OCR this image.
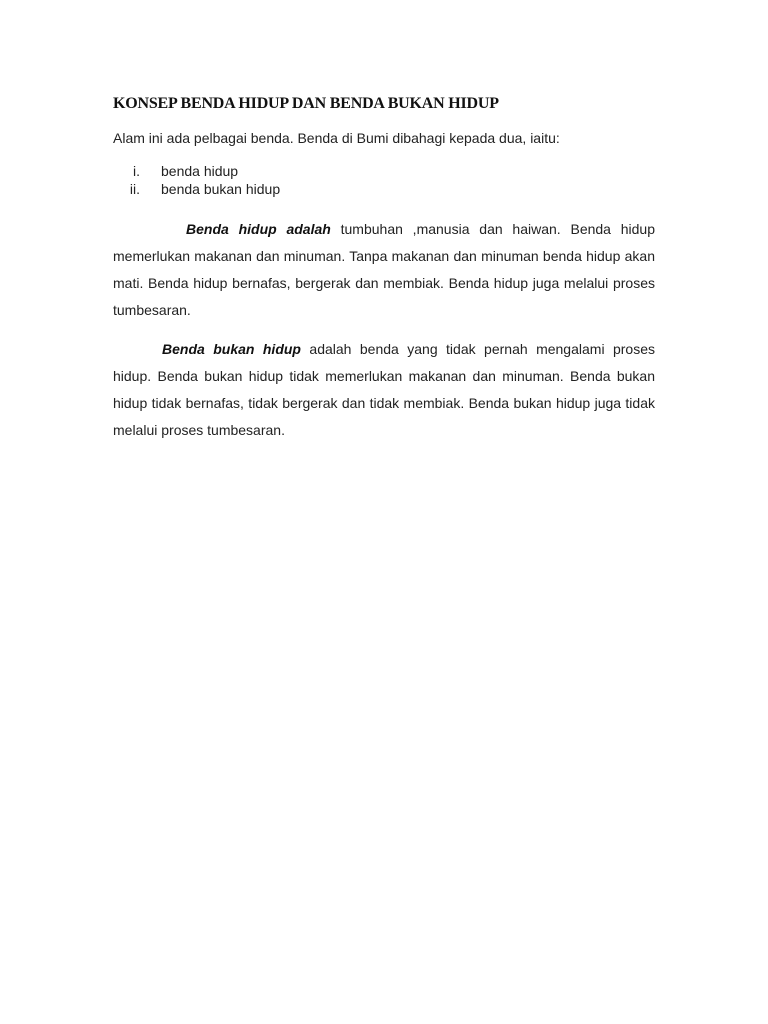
KONSEP BENDA HIDUP DAN BENDA BUKAN HIDUP

Alam ini ada pelbagai benda. Benda di Bumi dibahagi kepada dua, iaitu:

i. benda hidup
ii. benda bukan hidup

Benda hidup adalah tumbuhan ,manusia dan haiwan. Benda hidup memerlukan makanan dan minuman. Tanpa makanan dan minuman benda hidup akan mati. Benda hidup bernafas, bergerak dan membiak. Benda hidup juga melalui proses tumbesaran.

Benda bukan hidup adalah benda yang tidak pernah mengalami proses hidup. Benda bukan hidup tidak memerlukan makanan dan minuman. Benda bukan hidup tidak bernafas, tidak bergerak dan tidak membiak. Benda bukan hidup juga tidak melalui proses tumbesaran.
